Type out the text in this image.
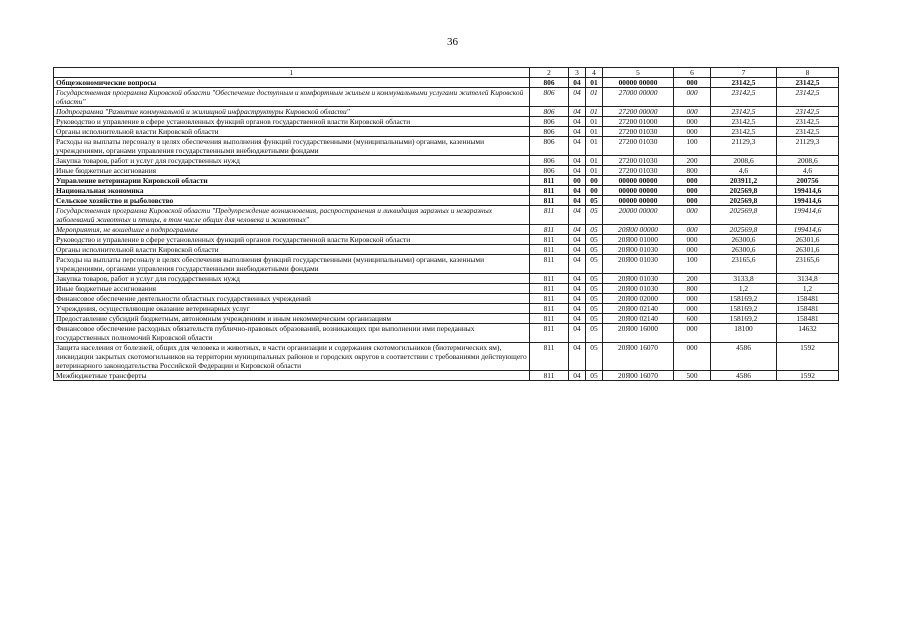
36
1	2	3	4	5	6	7	8
Общеэкономические вопросы	806	04	01	00000 00000	000	23142,5	23142,5
Государственная программа Кировской области "Обеспечение доступным и комфортным жильем и коммунальными услугами жителей Кировской области"	806	04	01	27000 00000	000	23142,5	23142,5
Подпрограмма "Развитие коммунальной и жилищной инфраструктуры Кировской области"	806	04	01	27200 00000	000	23142,5	23142,5
Руководство и управление в сфере установленных функций органов государственной власти Кировской области	806	04	01	27200 01000	000	23142,5	23142,5
Органы исполнительной власти Кировской области	806	04	01	27200 01030	000	23142,5	23142,5
Расходы на выплаты персоналу в целях обеспечения выполнения функций государственными (муниципальными) органами, казенными учреждениями, органами управления государственными внебюджетными фондами	806	04	01	27200 01030	100	21129,3	21129,3
Закупка товаров, работ и услуг для государственных нужд	806	04	01	27200 01030	200	2008,6	2008,6
Иные бюджетные ассигнования	806	04	01	27200 01030	800	4,6	4,6
Управление ветеринарии Кировской области	811	00	00	00000 00000	000	203911,2	200756
Национальная экономика	811	04	00	00000 00000	000	202569,8	199414,6
Сельское хозяйство и рыболовство	811	04	05	00000 00000	000	202569,8	199414,6
Государственная программа Кировской области "Предупреждение возникновения, распространения и ликвидация заразных и незаразных заболеваний животных и птицы, в том числе общих для человека и животных"	811	04	05	20000 00000	000	202569,8	199414,6
Мероприятия, не вошедшие в подпрограммы	811	04	05	20Я00 00000	000	202569,8	199414,6
Руководство и управление в сфере установленных функций органов государственной власти Кировской области	811	04	05	20Я00 01000	000	26300,6	26301,6
Органы исполнительной власти Кировской области	811	04	05	20Я00 01030	000	26300,6	26301,6
Расходы на выплаты персоналу в целях обеспечения выполнения функций государственными (муниципальными) органами, казенными учреждениями, органами управления государственными внебюджетными фондами	811	04	05	20Я00 01030	100	23165,6	23165,6
Закупка товаров, работ и услуг для государственных нужд	811	04	05	20Я00 01030	200	3133,8	3134,8
Иные бюджетные ассигнования	811	04	05	20Я00 01030	800	1,2	1,2
Финансовое обеспечение деятельности областных государственных учреждений	811	04	05	20Я00 02000	000	158169,2	158481
Учреждения, осуществляющие оказание ветеринарных услуг	811	04	05	20Я00 02140	000	158169,2	158481
Предоставление субсидий бюджетным, автономным учреждениям и иным некоммерческим организациям	811	04	05	20Я00 02140	600	158169,2	158481
Финансовое обеспечение расходных обязательств публично-правовых образований, возникающих при выполнении ими переданных государственных полномочий Кировской области	811	04	05	20Я00 16000	000	18100	14632
Защита населения от болезней, общих для человека и животных, в части организации и содержания скотомогильников (биотермических ям), ликвидации закрытых скотомогильников на территории муниципальных районов и городских округов в соответствии с требованиями действующего ветеринарного законодательства Российской Федерации и Кировской области	811	04	05	20Я00 16070	000	4586	1592
Межбюджетные трансферты	811	04	05	20Я00 16070	500	4586	1592
